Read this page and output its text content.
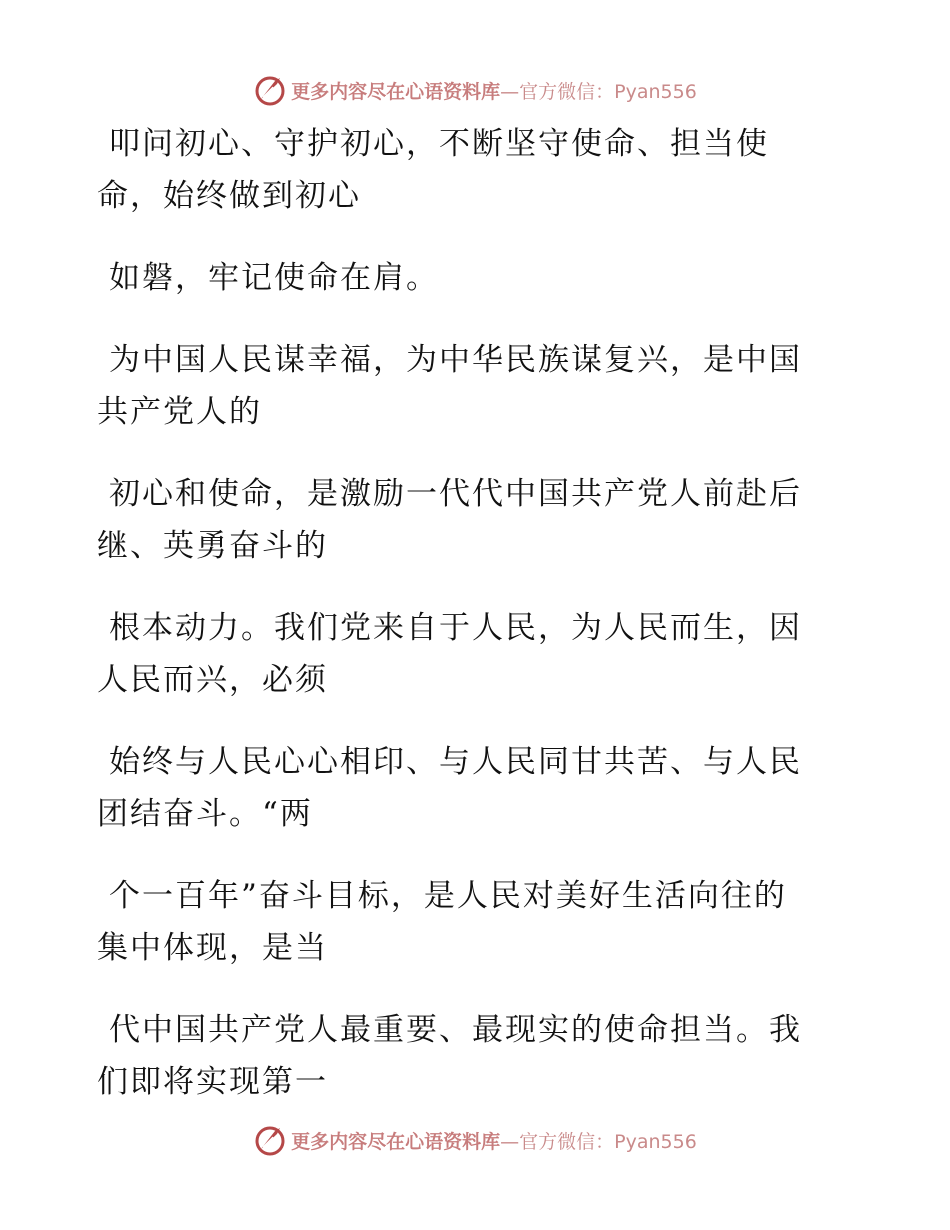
更多内容尽在心语资料库—官方微信：Pyan556

叩问初心、守护初心，不断坚守使命、担当使
命，始终做到初心

如磐，牢记使命在肩。

为中国人民谋幸福，为中华民族谋复兴，是中国
共产党人的

初心和使命，是激励一代代中国共产党人前赴后
继、英勇奋斗的

根本动力。我们党来自于人民，为人民而生，因
人民而兴，必须

始终与人民心心相印、与人民同甘共苦、与人民
团结奋斗。“两

个一百年”奋斗目标，是人民对美好生活向往的
集中体现，是当

代中国共产党人最重要、最现实的使命担当。我
们即将实现第一

更多内容尽在心语资料库—官方微信：Pyan556
